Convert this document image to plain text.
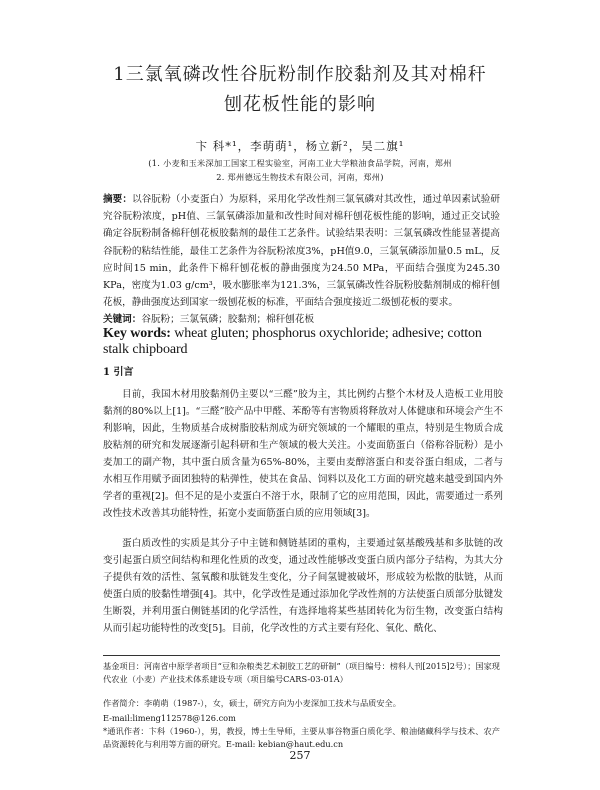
1三氯氧磷改性谷朊粉制作胶黏剂及其对棉秆
刨花板性能的影响
卞 科*¹，李萌萌¹，杨立新²，吴二旗¹
(1. 小麦和玉米深加工国家工程实验室，河南工业大学粮油食品学院，河南，郑州
2. 郑州德远生物技术有限公司，河南，郑州)
摘要：以谷朊粉（小麦蛋白）为原料，采用化学改性剂三氯氧磷对其改性，通过单因素试验研究谷朊粉浓度，pH值、三氯氧磷添加量和改性时间对棉秆刨花板性能的影响，通过正交试验确定谷朊粉制备棉秆刨花板胶黏剂的最佳工艺条件。试验结果表明：三氯氧磷改性能显著提高谷朊粉的粘结性能，最佳工艺条件为谷朊粉浓度3%，pH值9.0，三氯氧磷添加量0.5 mL，反应时间15 min，此条件下棉秆刨花板的静曲强度为24.50 MPa，平面结合强度为245.30 KPa，密度为1.03 g/cm³，吸水膨胀率为121.3%，三氯氧磷改性谷朊粉胶黏剂制成的棉秆刨花板，静曲强度达到国家一级刨花板的标准，平面结合强度接近二级刨花板的要求。
关键词：谷朊粉；三氯氧磷；胶黏剂；棉秆刨花板
Key words: wheat gluten; phosphorus oxychloride; adhesive; cotton stalk chipboard
1 引言
目前，我国木材用胶黏剂仍主要以“三醛”胶为主，其比例约占整个木材及人造板工业用胶黏剂的80%以上[1]。“三醛”胶产品中甲醛、苯酚等有害物质将释放对人体健康和环境会产生不利影响，因此，生物质基合成树脂胶粘剂成为研究领域的一个耀眼的重点，特别是生物质合成胶粘剂的研究和发展逐渐引起科研和生产领域的极大关注。小麦面筋蛋白（俗称谷朊粉）是小麦加工的副产物，其中蛋白质含量为65%-80%，主要由麦醇溶蛋白和麦谷蛋白组成，二者与水相互作用赋予面团独特的粘弹性，使其在食品、饲料以及化工方面的研究越来越受到国内外学者的重视[2]。但不足的是小麦蛋白不溶于水，限制了它的应用范围，因此，需要通过一系列改性技术改善其功能特性，拓宽小麦面筋蛋白质的应用领域[3]。
蛋白质改性的实质是其分子中主链和侧链基团的重构，主要通过氨基酸残基和多肽链的改变引起蛋白质空间结构和理化性质的改变，通过改性能够改变蛋白质内部分子结构，为其大分子提供有效的活性、氢氧酸和肽链发生变化，分子间氢键被破坏，形成较为松散的肽链，从而使蛋白质的胶黏性增强[4]。其中，化学改性是通过添加化学改性剂的方法使蛋白质部分肽键发生断裂，并利用蛋白侧链基团的化学活性，有选择地将某些基团转化为衍生物，改变蛋白结构从而引起功能特性的改变[5]。目前，化学改性的方式主要有羟化、氧化、酰化、
基金项目：河南省中原学者项目“豆和杂粮类艺术制胶工艺的研制”（项目编号：榜科人刊[2015]2号）；国家现代农业（小麦）产业技术体系建设专项（项目编号CARS-03-01A）
作者简介：李萌萌（1987-），女，硕士，研究方向为小麦深加工技术与品质安全。
E-mail:limeng112578@126.com
*通讯作者：卞科（1960-），男，教授，博士生导师，主要从事谷物蛋白质化学、粮油储藏科学与技术、农产品资源转化与利用等方面的研究。E-mail: kebian@haut.edu.cn
257
